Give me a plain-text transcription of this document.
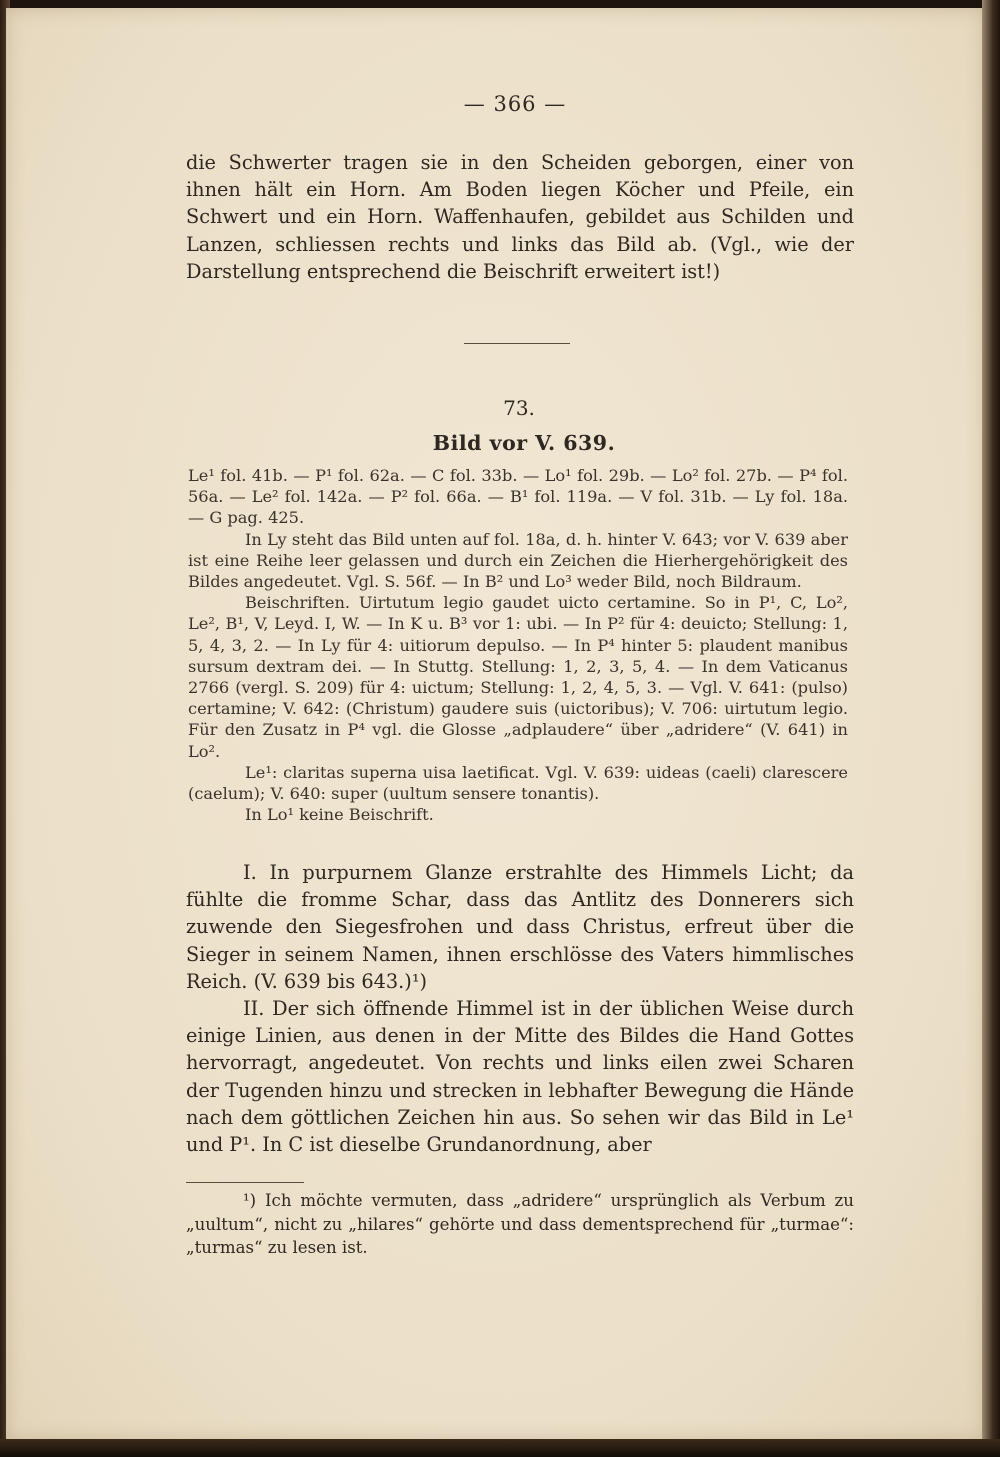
— 366 —
die Schwerter tragen sie in den Scheiden geborgen, einer von ihnen hält ein Horn. Am Boden liegen Köcher und Pfeile, ein Schwert und ein Horn. Waffenhaufen, gebildet aus Schilden und Lanzen, schliessen rechts und links das Bild ab. (Vgl., wie der Darstellung entsprechend die Beischrift erweitert ist!)
73.
Bild vor V. 639.

Le¹ fol. 41b. — P¹ fol. 62a. — C fol. 33b. — Lo¹ fol. 29b. — Lo² fol. 27b. — P⁴ fol. 56a. — Le² fol. 142a. — P² fol. 66a. — B¹ fol. 119a. — V fol. 31b. — Ly fol. 18a. — G pag. 425.

In Ly steht das Bild unten auf fol. 18a, d. h. hinter V. 643; vor V. 639 aber ist eine Reihe leer gelassen und durch ein Zeichen die Hierhergehörigkeit des Bildes angedeutet. Vgl. S. 56f. — In B² und Lo³ weder Bild, noch Bildraum.

Beischriften. Uirtutum legio gaudet uicto certamine. So in P¹, C, Lo², Le², B¹, V, Leyd. I, W. — In K u. B³ vor 1: ubi. — In P² für 4: deuicto; Stellung: 1, 5, 4, 3, 2. — In Ly für 4: uitiorum depulso. — In P⁴ hinter 5: plaudent manibus sursum dextram dei. — In Stuttg. Stellung: 1, 2, 3, 5, 4. — In dem Vaticanus 2766 (vergl. S. 209) für 4: uictum; Stellung: 1, 2, 4, 5, 3. — Vgl. V. 641: (pulso) certamine; V. 642: (Christum) gaudere suis (uictoribus); V. 706: uirtutum legio. Für den Zusatz in P⁴ vgl. die Glosse „adplaudere“ über „adridere“ (V. 641) in Lo².

Le¹: claritas superna uisa laetificat. Vgl. V. 639: uideas (caeli) clarescere (caelum); V. 640: super (uultum sensere tonantis).

In Lo¹ keine Beischrift.

I. In purpurnem Glanze erstrahlte des Himmels Licht; da fühlte die fromme Schar, dass das Antlitz des Donnerers sich zuwende den Siegesfrohen und dass Christus, erfreut über die Sieger in seinem Namen, ihnen erschlösse des Vaters himmlisches Reich. (V. 639 bis 643.)¹)

II. Der sich öffnende Himmel ist in der üblichen Weise durch einige Linien, aus denen in der Mitte des Bildes die Hand Gottes hervorragt, angedeutet. Von rechts und links eilen zwei Scharen der Tugenden hinzu und strecken in lebhafter Bewegung die Hände nach dem göttlichen Zeichen hin aus. So sehen wir das Bild in Le¹ und P¹. In C ist dieselbe Grundanordnung, aber

¹) Ich möchte vermuten, dass „adridere“ ursprünglich als Verbum zu „uultum“, nicht zu „hilares“ gehörte und dass dementsprechend für „turmae“: „turmas“ zu lesen ist.
